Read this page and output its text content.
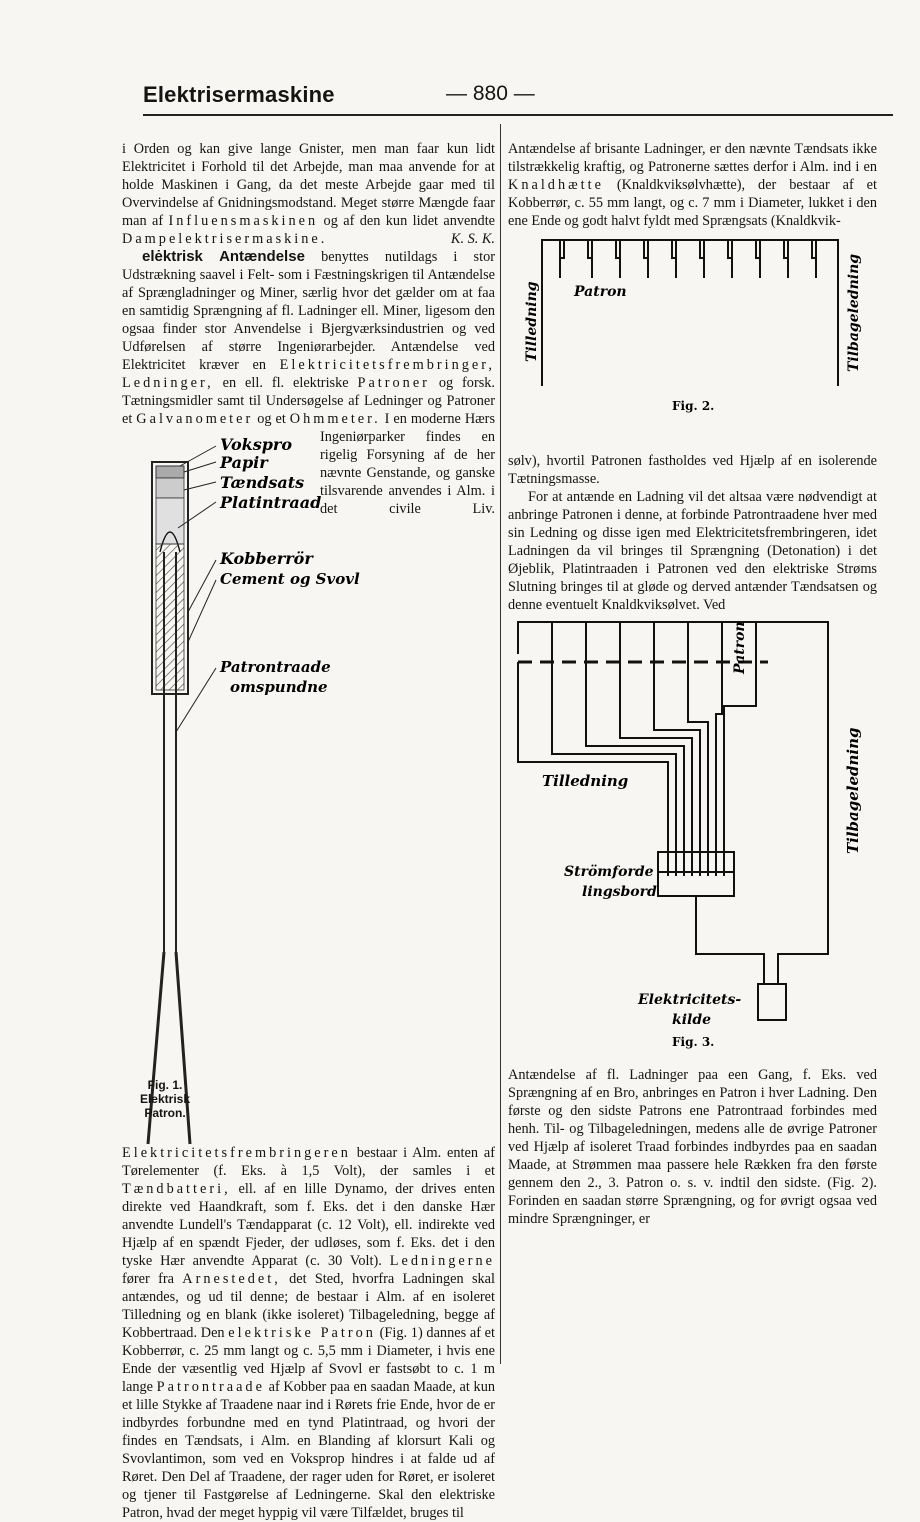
Elektrisermaskine	— 880 —

i Orden og kan give lange Gnister, men man faar kun lidt Elektricitet i Forhold til det Arbejde, man maa anvende for at holde Maskinen i Gang, da det meste Arbejde gaar med til Overvindelse af Gnidningsmodstand. Meget større Mængde faar man af Influensmaskinen og af den kun lidet anvendte Dampelektrisermaskine.	K. S. K.

elėktrisk Antændelse benyttes nutildags i stor Udstrækning saavel i Felt- som i Fæstningskrigen til Antændelse af Sprængladninger og Miner, særlig hvor det gælder om at faa en samtidig Sprængning af fl. Ladninger ell. Miner, ligesom den ogsaa finder stor Anvendelse i Bjergværksindustrien og ved Udførelsen af større Ingeniørarbejder. Antændelse ved Elektricitet kræver en Elektricitetsfrembringer, Ledninger, en ell. fl. elektriske Patroner og forsk. Tætningsmidler samt til Undersøgelse af Ledninger og Patroner et Galvanometer og et Ohmmeter.
Vokspro
Papir
Tændsats
Platintraad
Kobberrör
Cement og Svovl
Patrontraade
omspundne
I en moderne Hærs Ingeniørparker findes en rigelig Forsyning af de her nævnte Genstande, og ganske tilsvarende anvendes i Alm. i det civile Liv. Elektricitetsfrembringeren bestaar i Alm. enten af Tørelementer (f. Eks. à 1,5 Volt), der samles i et Tændbatteri, ell. af en lille Dynamo, der drives enten direkte ved Haandkraft, som f. Eks. det i den danske Hær anvendte Lundell's Tændapparat (c. 12 Volt), ell. indirekte ved Hjælp af en spændt Fjeder, der udløses, som f. Eks. det i den tyske Hær anvendte Apparat (c. 30 Volt). Ledningerne fører fra Arnestedet, det Sted, hvorfra Ladningen skal antændes, og ud til denne; de bestaar i Alm. af en isoleret Tilledning og en blank (ikke isoleret) Tilbageledning, begge af Kobbertraad. Den elektriske Patron (Fig. 1) dannes af et Kobberrør, c. 25 mm langt og c. 5,5 mm i Diameter, i hvis ene Ende der væsentlig ved Hjælp af Svovl er fastsøbt to c. 1 m lange Patrontraade af Kobber paa en saadan Maade, at kun et lille Stykke af Traadene naar ind i Rørets frie Ende, hvor de er indbyrdes forbundne med en tynd Platintraad, og hvori der findes en Tændsats, i Alm. en Blanding af klorsurt Kali og Svovlantimon, som ved en Voksprop hindres i at falde ud af Røret. Den Del af Traadene, der rager uden for Røret, er isoleret og tjener til Fastgørelse af Ledningerne. Skal den elektriske Patron, hvad der meget hyppig vil være Tilfældet, bruges til

Fig. 1.
Elektrisk
Patron.

Antændelse af brisante Ladninger, er den nævnte Tændsats ikke tilstrækkelig kraftig, og Patronerne sættes derfor i Alm. ind i en Knaldhætte (Knaldkviksølvhætte), der bestaar af et Kobberrør, c. 55 mm langt, og c. 7 mm i Diameter, lukket i den ene Ende og godt halvt fyldt med Sprængsats (Knaldkvik-

Patron
Tilledning	Tilbageledning
Fig. 2.

sølv), hvortil Patronen fastholdes ved Hjælp af en isolerende Tætningsmasse.

For at antænde en Ladning vil det altsaa være nødvendigt at anbringe Patronen i denne, at forbinde Patrontraadene hver med sin Ledning og disse igen med Elektricitetsfrembringeren, idet Ladningen da vil bringes til Sprængning (Detonation) i det Øjeblik, Platintraaden i Patronen ved den elektriske Strøms Slutning bringes til at gløde og derved antænder Tændsatsen og denne eventuelt Knaldkviksølvet. Ved

Patron
Tilledning	Tilbageledning
Strömforde
lingsbord
Elektricitets-
kilde
Fig. 3.

Antændelse af fl. Ladninger paa een Gang, f. Eks. ved Sprængning af en Bro, anbringes en Patron i hver Ladning. Den første og den sidste Patrons ene Patrontraad forbindes med henh. Til- og Tilbageledningen, medens alle de øvrige Patroner ved Hjælp af isoleret Traad forbindes indbyrdes paa en saadan Maade, at Strømmen maa passere hele Rækken fra den første gennem den 2., 3. Patron o. s. v. indtil den sidste. (Fig. 2). Forinden en saadan større Sprængning, og for øvrigt ogsaa ved mindre Sprængninger, er
